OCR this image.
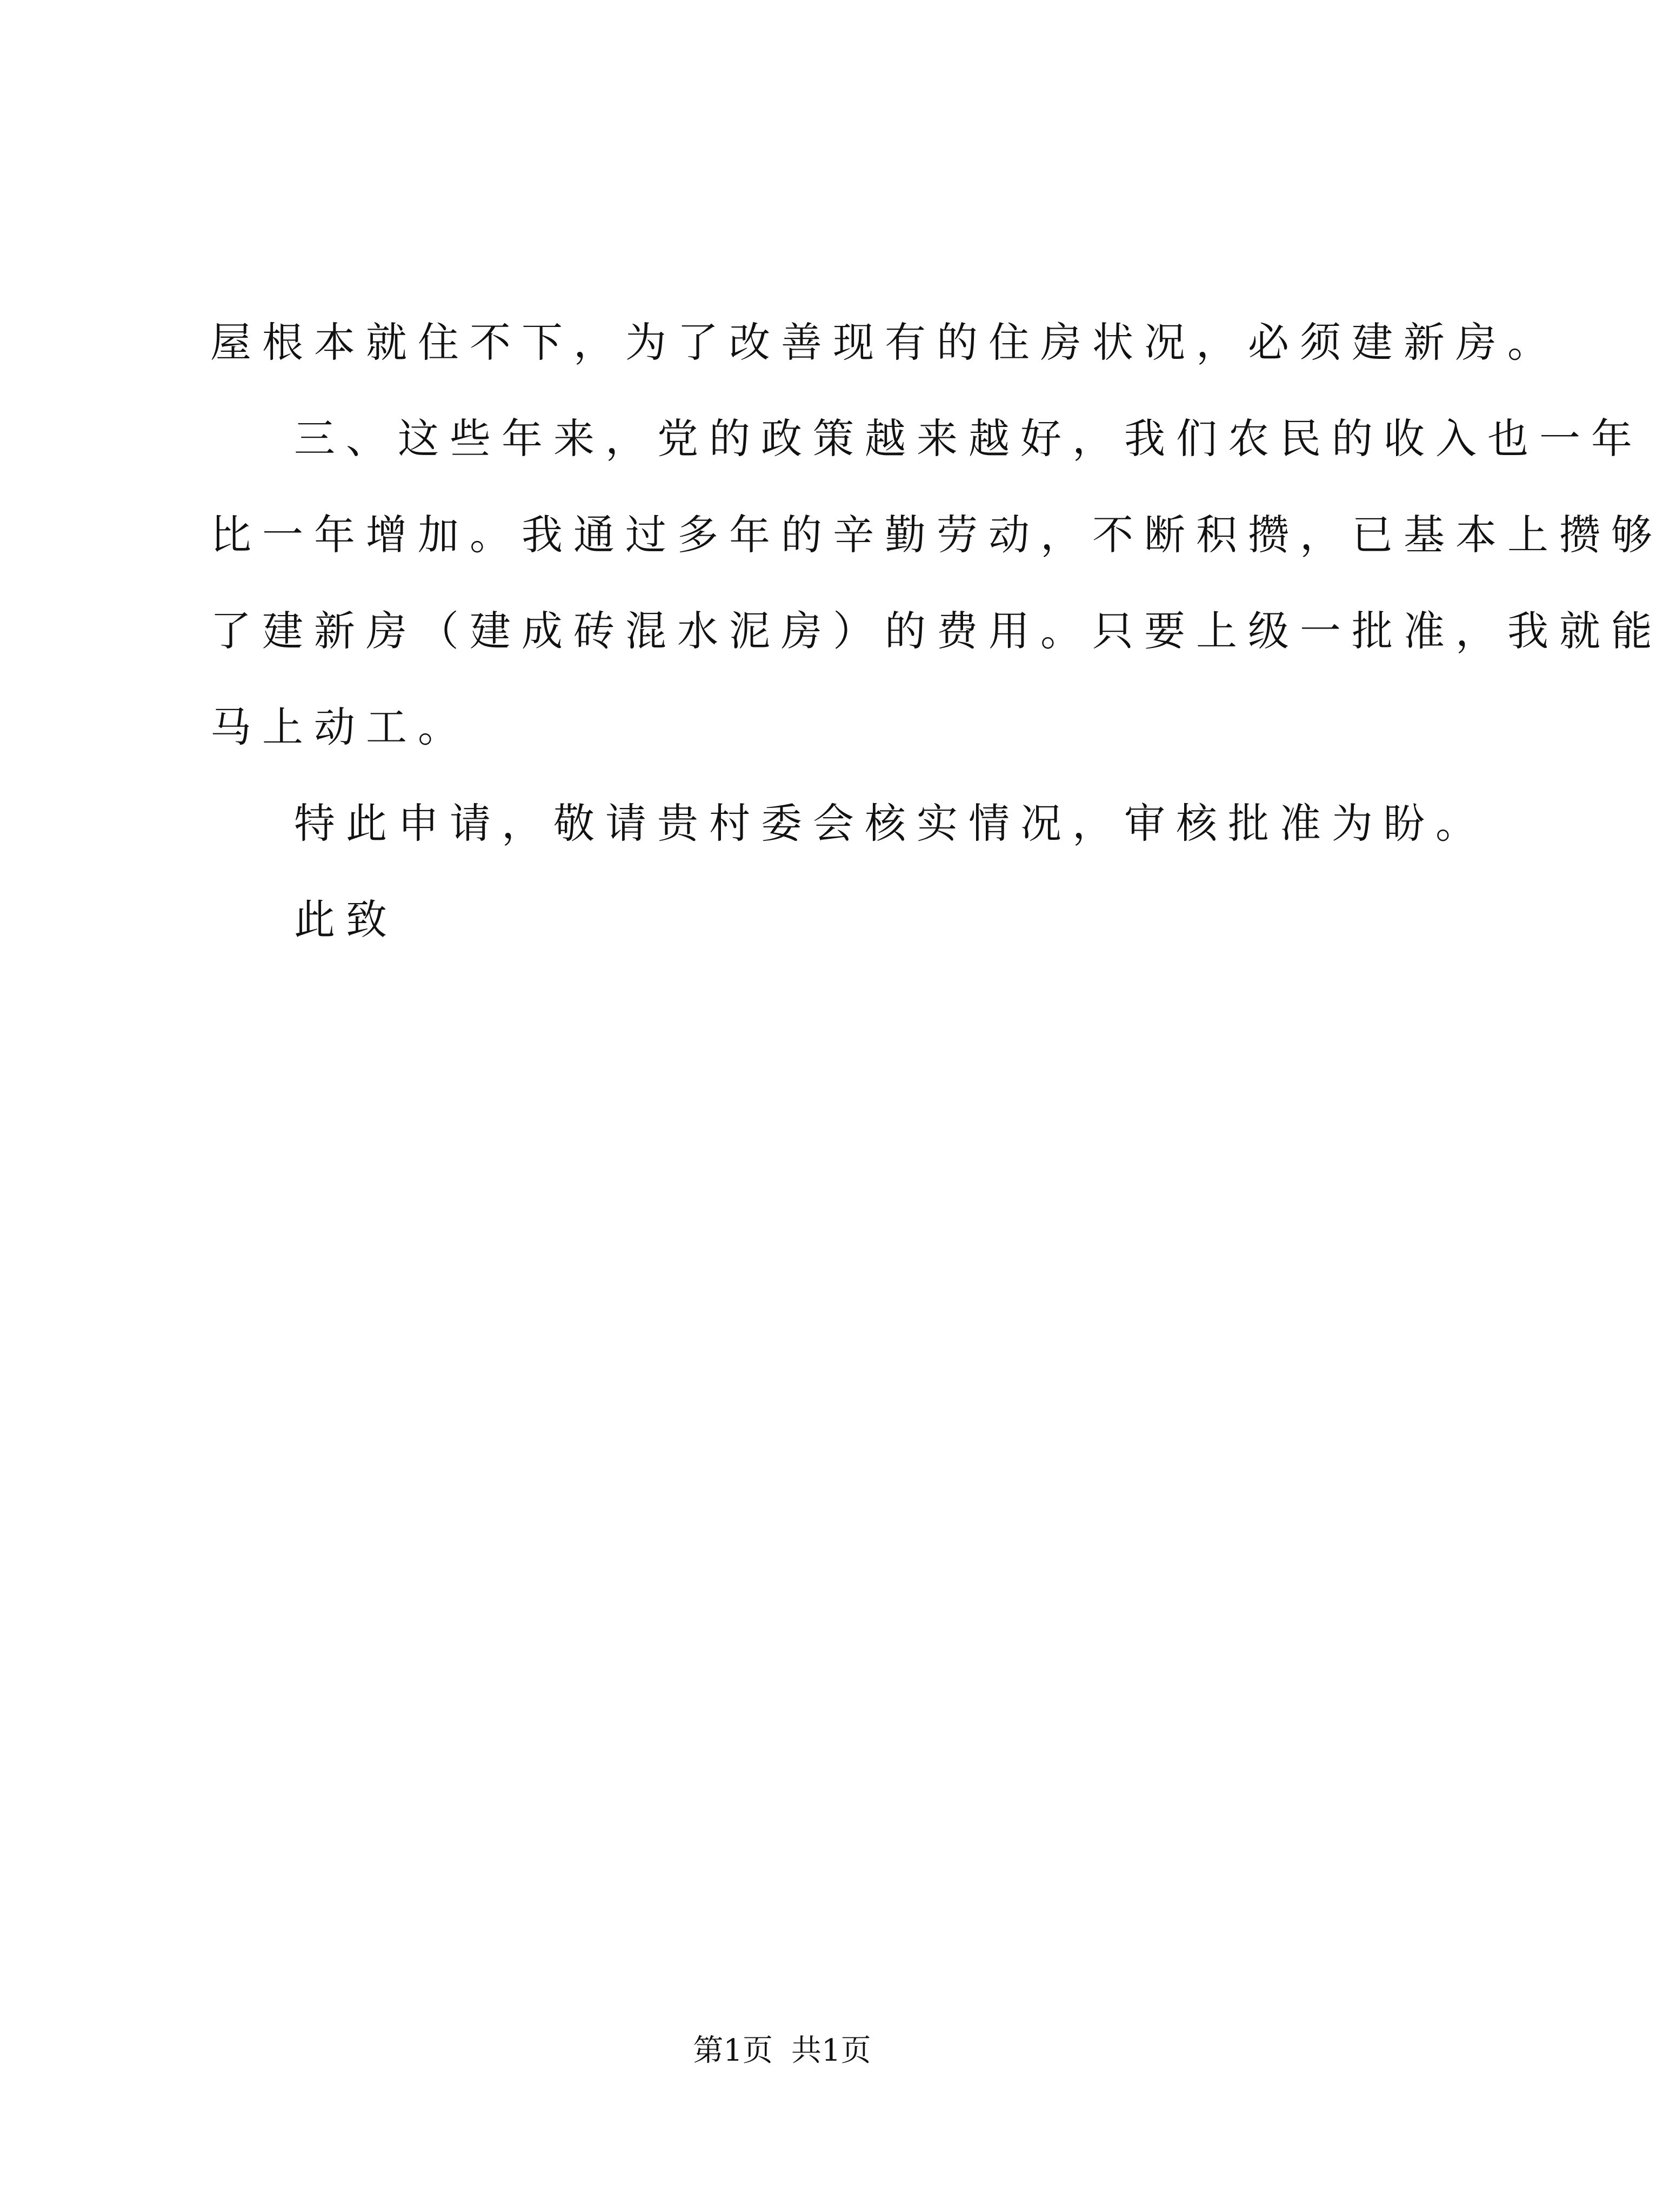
屋根本就住不下，为了改善现有的住房状况，必须建新房。
三、这些年来，党的政策越来越好，我们农民的收入也一年
比一年增加。我通过多年的辛勤劳动，不断积攒，已基本上攒够
了建新房（建成砖混水泥房）的费用。只要上级一批准，我就能
马上动工。
特此申请，敬请贵村委会核实情况，审核批准为盼。
此致
第1页 共1页
